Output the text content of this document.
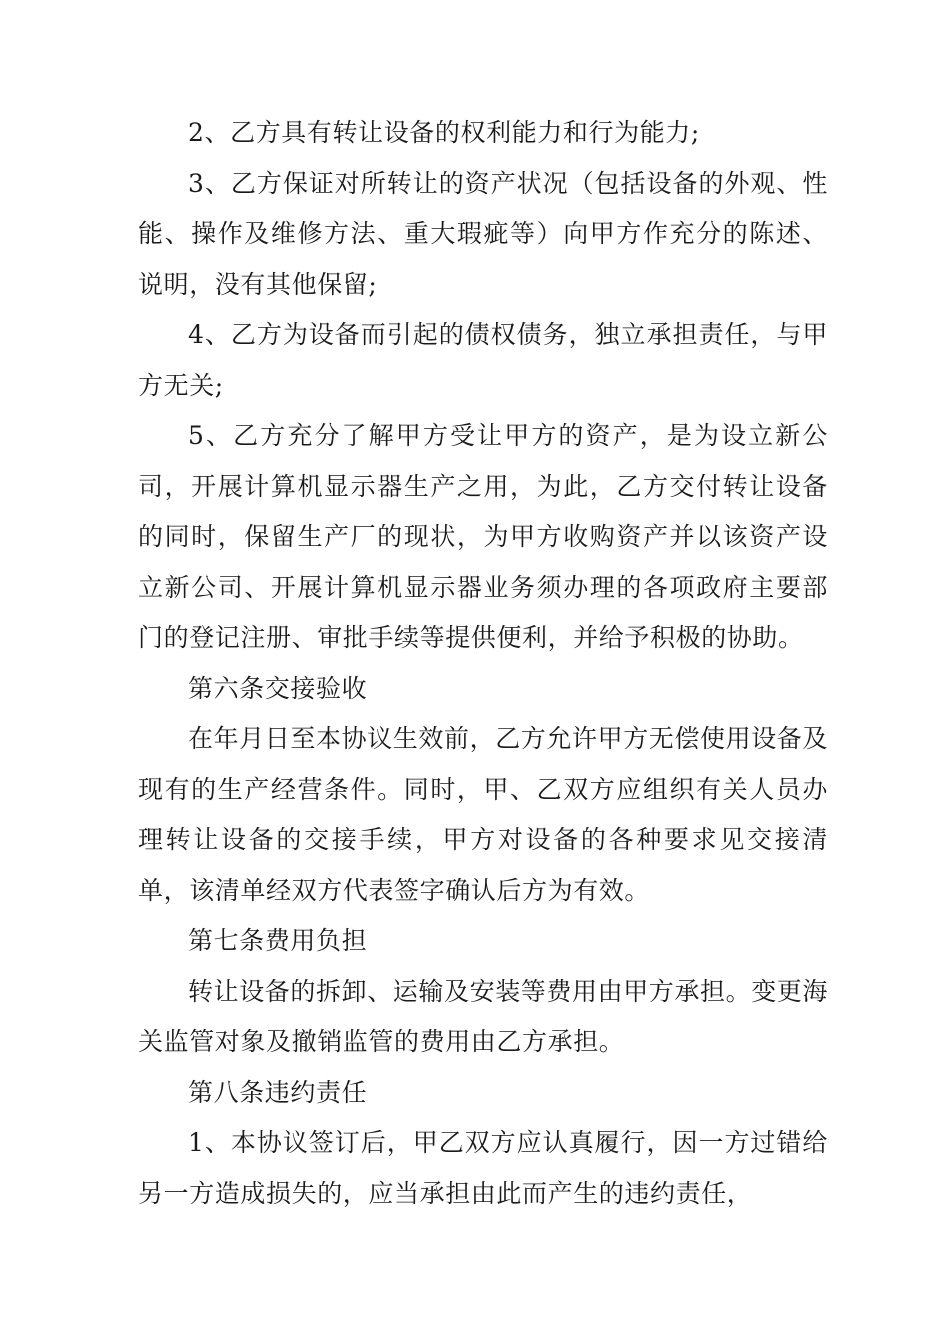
2、乙方具有转让设备的权利能力和行为能力;

3、乙方保证对所转让的资产状况（包括设备的外观、性能、操作及维修方法、重大瑕疵等）向甲方作充分的陈述、说明，没有其他保留;

4、乙方为设备而引起的债权债务，独立承担责任，与甲方无关;

5、乙方充分了解甲方受让甲方的资产，是为设立新公司，开展计算机显示器生产之用，为此，乙方交付转让设备的同时，保留生产厂的现状，为甲方收购资产并以该资产设立新公司、开展计算机显示器业务须办理的各项政府主要部门的登记注册、审批手续等提供便利，并给予积极的协助。

第六条交接验收

在年月日至本协议生效前，乙方允许甲方无偿使用设备及现有的生产经营条件。同时，甲、乙双方应组织有关人员办理转让设备的交接手续，甲方对设备的各种要求见交接清单，该清单经双方代表签字确认后方为有效。

第七条费用负担

转让设备的拆卸、运输及安装等费用由甲方承担。变更海关监管对象及撤销监管的费用由乙方承担。

第八条违约责任

1、本协议签订后，甲乙双方应认真履行，因一方过错给另一方造成损失的，应当承担由此而产生的违约责任，
